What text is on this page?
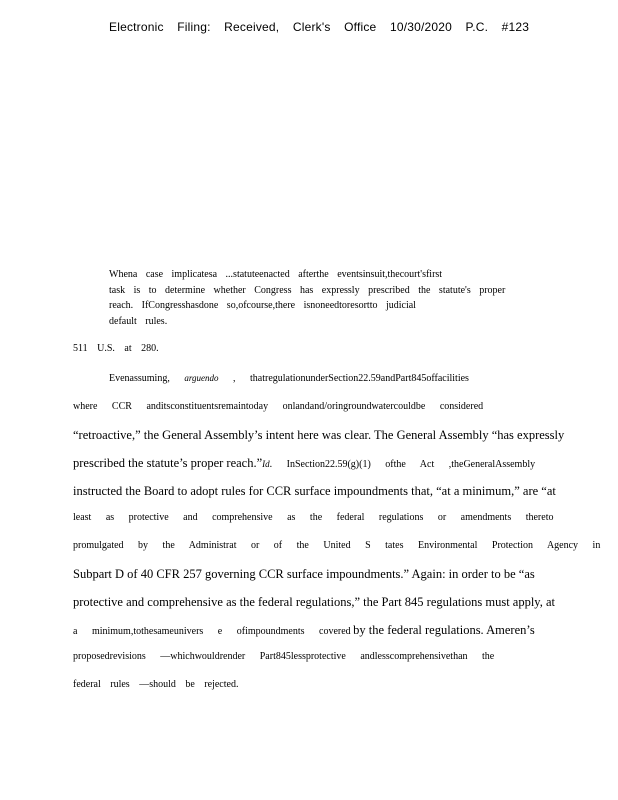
Electronic Filing: Received, Clerk's Office 10/30/2020 P.C. #123
Whena case implicatesa ...statuteenacted afterthe eventsinsuit,thecourt'sfirst
task is to determine whether Congress has expressly prescribed the statute's proper
reach. IfCongresshasdone so,ofcourse,there isnoneedtoresortto judicial
default rules.
511 U.S. at 280.
Evenassuming, arguendo , thatregulationunderSection22.59andPart845offacilities
where CCR anditsconstituentsremaintoday onlandand/oringroundwatercouldbe considered
“retroactive,” the General Assembly’s intent here was clear. The General Assembly “has expressly
prescribed the statute’s proper reach.”Id. InSection22.59(g)(1) ofthe Act ,theGeneralAssembly
instructed the Board to adopt rules for CCR surface impoundments that, “at a minimum,” are “at
least as protective and comprehensive as the federal regulations or amendments thereto
promulgated by the Administrat or of the United S tates Environmental Protection Agency in
Subpart D of 40 CFR 257 governing CCR surface impoundments.” Again: in order to be “as
protective and comprehensive as the federal regulations,” the Part 845 regulations must apply, at
a minimum,tothesameunivers e ofimpoundments covered by the federal regulations. Ameren’s
proposedrevisions —whichwouldrender Part845lessprotective andlesscomprehensivethan the
federal rules —should be rejected.
